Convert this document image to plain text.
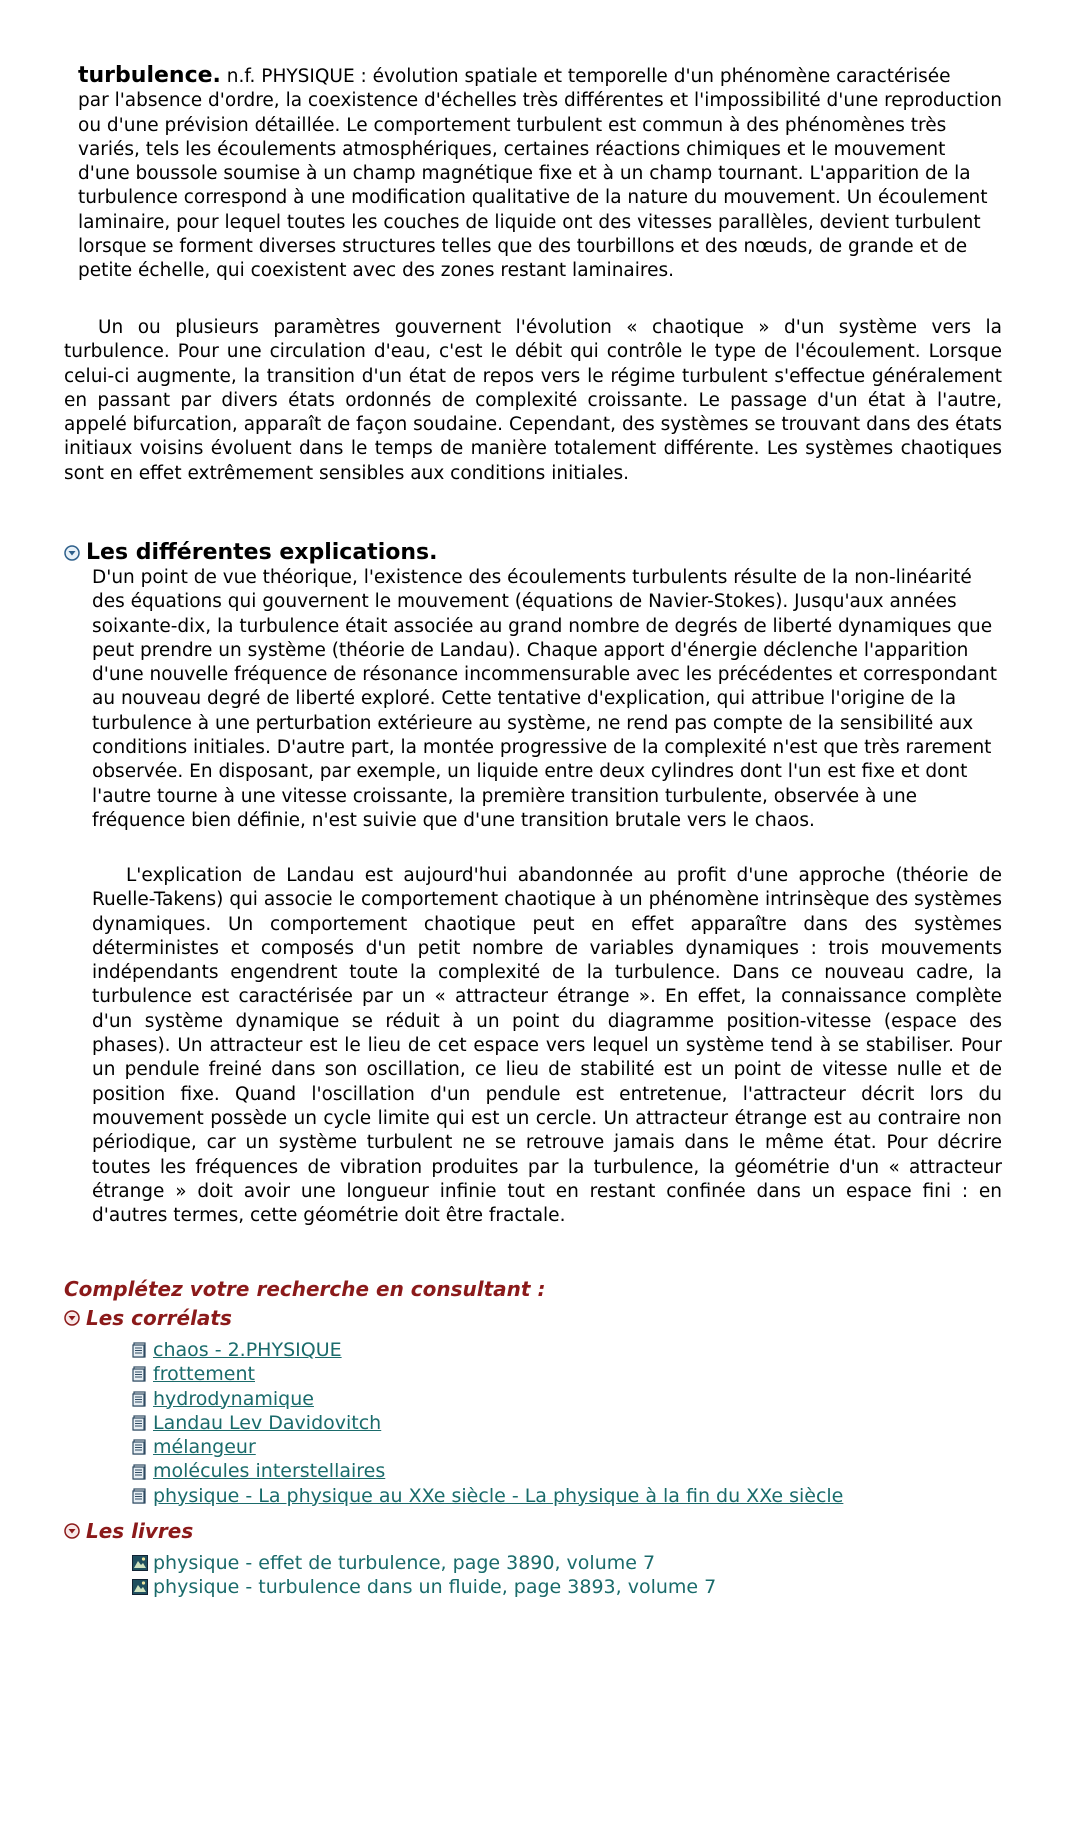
turbulence. n.f. PHYSIQUE : évolution spatiale et temporelle d'un phénomène caractérisée

par l'absence d'ordre, la coexistence d'échelles très différentes et l'impossibilité d'une reproduction ou d'une prévision détaillée. Le comportement turbulent est commun à des phénomènes très variés, tels les écoulements atmosphériques, certaines réactions chimiques et le mouvement d'une boussole soumise à un champ magnétique fixe et à un champ tournant. L'apparition de la turbulence correspond à une modification qualitative de la nature du mouvement. Un écoulement laminaire, pour lequel toutes les couches de liquide ont des vitesses parallèles, devient turbulent lorsque se forment diverses structures telles que des tourbillons et des nœuds, de grande et de petite échelle, qui coexistent avec des zones restant laminaires.

Un ou plusieurs paramètres gouvernent l'évolution « chaotique » d'un système vers la turbulence. Pour une circulation d'eau, c'est le débit qui contrôle le type de l'écoulement. Lorsque celui-ci augmente, la transition d'un état de repos vers le régime turbulent s'effectue généralement en passant par divers états ordonnés de complexité croissante. Le passage d'un état à l'autre, appelé bifurcation, apparaît de façon soudaine. Cependant, des systèmes se trouvant dans des états initiaux voisins évoluent dans le temps de manière totalement différente. Les systèmes chaotiques sont en effet extrêmement sensibles aux conditions initiales.

Les différentes explications.

D'un point de vue théorique, l'existence des écoulements turbulents résulte de la non-linéarité des équations qui gouvernent le mouvement (équations de Navier-Stokes). Jusqu'aux années soixante-dix, la turbulence était associée au grand nombre de degrés de liberté dynamiques que peut prendre un système (théorie de Landau). Chaque apport d'énergie déclenche l'apparition d'une nouvelle fréquence de résonance incommensurable avec les précédentes et correspondant au nouveau degré de liberté exploré. Cette tentative d'explication, qui attribue l'origine de la turbulence à une perturbation extérieure au système, ne rend pas compte de la sensibilité aux conditions initiales. D'autre part, la montée progressive de la complexité n'est que très rarement observée. En disposant, par exemple, un liquide entre deux cylindres dont l'un est fixe et dont l'autre tourne à une vitesse croissante, la première transition turbulente, observée à une fréquence bien définie, n'est suivie que d'une transition brutale vers le chaos.

L'explication de Landau est aujourd'hui abandonnée au profit d'une approche (théorie de Ruelle-Takens) qui associe le comportement chaotique à un phénomène intrinsèque des systèmes dynamiques. Un comportement chaotique peut en effet apparaître dans des systèmes déterministes et composés d'un petit nombre de variables dynamiques : trois mouvements indépendants engendrent toute la complexité de la turbulence. Dans ce nouveau cadre, la turbulence est caractérisée par un « attracteur étrange ». En effet, la connaissance complète d'un système dynamique se réduit à un point du diagramme position-vitesse (espace des phases). Un attracteur est le lieu de cet espace vers lequel un système tend à se stabiliser. Pour un pendule freiné dans son oscillation, ce lieu de stabilité est un point de vitesse nulle et de position fixe. Quand l'oscillation d'un pendule est entretenue, l'attracteur décrit lors du mouvement possède un cycle limite qui est un cercle. Un attracteur étrange est au contraire non périodique, car un système turbulent ne se retrouve jamais dans le même état. Pour décrire toutes les fréquences de vibration produites par la turbulence, la géométrie d'un « attracteur étrange » doit avoir une longueur infinie tout en restant confinée dans un espace fini : en d'autres termes, cette géométrie doit être fractale.

Complétez votre recherche en consultant :
Les corrélats
chaos - 2.PHYSIQUE
frottement
hydrodynamique
Landau Lev Davidovitch
mélangeur
molécules interstellaires
physique - La physique au XXe siècle - La physique à la fin du XXe siècle
Les livres
physique - effet de turbulence, page 3890, volume 7
physique - turbulence dans un fluide, page 3893, volume 7
